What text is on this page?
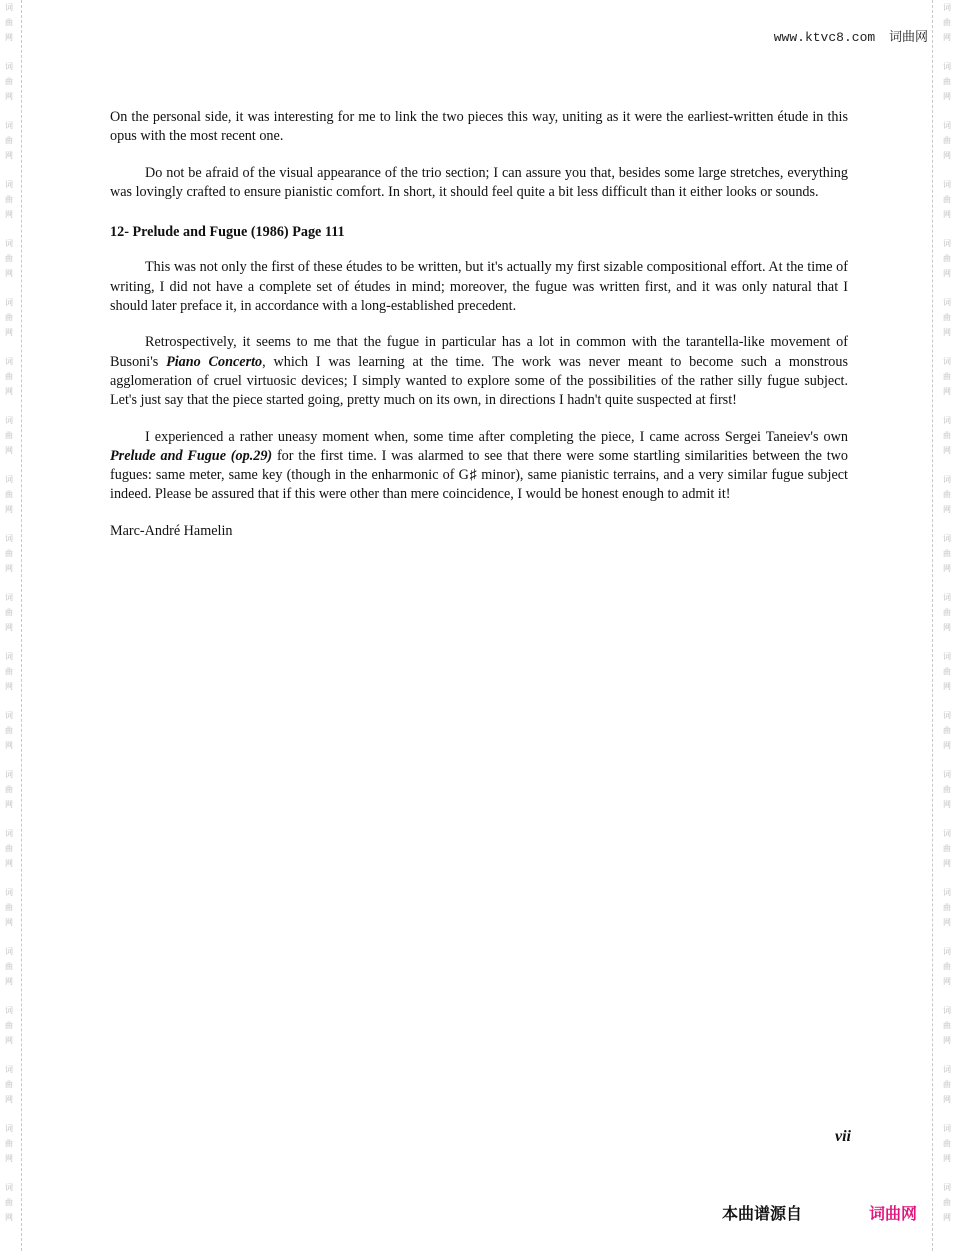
词
曲
网
词
曲
网
词
曲
网
词
曲
网
词
曲
网
词
曲
网
词
曲
网
词
曲
网
词
曲
网
词
曲
网
词
曲
网
词
曲
网
词
曲
网
词
曲
网
词
曲
网
词
曲
网
词
曲
网
词
曲
网
词
曲
网
词
曲
网
词
曲
网
词
曲
网
词
曲
网
词
曲
网
词
曲
网
词
曲
网
词
曲
网
词
曲
网
词
曲
网
词
曲
网
词
曲
网
词
曲
网
词
曲
网
词
曲
网
词
曲
网
词
曲
网
词
曲
网
词
曲
网
词
曲
网
词
曲
网
词
曲
网
词
曲
网
www.ktvc8.com 词曲网

On the personal side, it was interesting for me to link the two pieces this way, uniting as it were the earliest-written étude in this opus with the most recent one.

Do not be afraid of the visual appearance of the trio section; I can assure you that, besides some large stretches, everything was lovingly crafted to ensure pianistic comfort. In short, it should feel quite a bit less difficult than it either looks or sounds.

12- Prelude and Fugue (1986) Page 111

This was not only the first of these études to be written, but it's actually my first sizable compositional effort. At the time of writing, I did not have a complete set of études in mind; moreover, the fugue was written first, and it was only natural that I should later preface it, in accordance with a long-established precedent.

Retrospectively, it seems to me that the fugue in particular has a lot in common with the tarantella-like movement of Busoni's Piano Concerto, which I was learning at the time. The work was never meant to become such a monstrous agglomeration of cruel virtuosic devices; I simply wanted to explore some of the possibilities of the rather silly fugue subject. Let's just say that the piece started going, pretty much on its own, in directions I hadn't quite suspected at first!

I experienced a rather uneasy moment when, some time after completing the piece, I came across Sergei Taneiev's own Prelude and Fugue (op.29) for the first time. I was alarmed to see that there were some startling similarities between the two fugues: same meter, same key (though in the enharmonic of G♯ minor), same pianistic terrains, and a very similar fugue subject indeed. Please be assured that if this were other than mere coincidence, I would be honest enough to admit it!

Marc-André Hamelin

vii
本曲谱源自	词曲网
